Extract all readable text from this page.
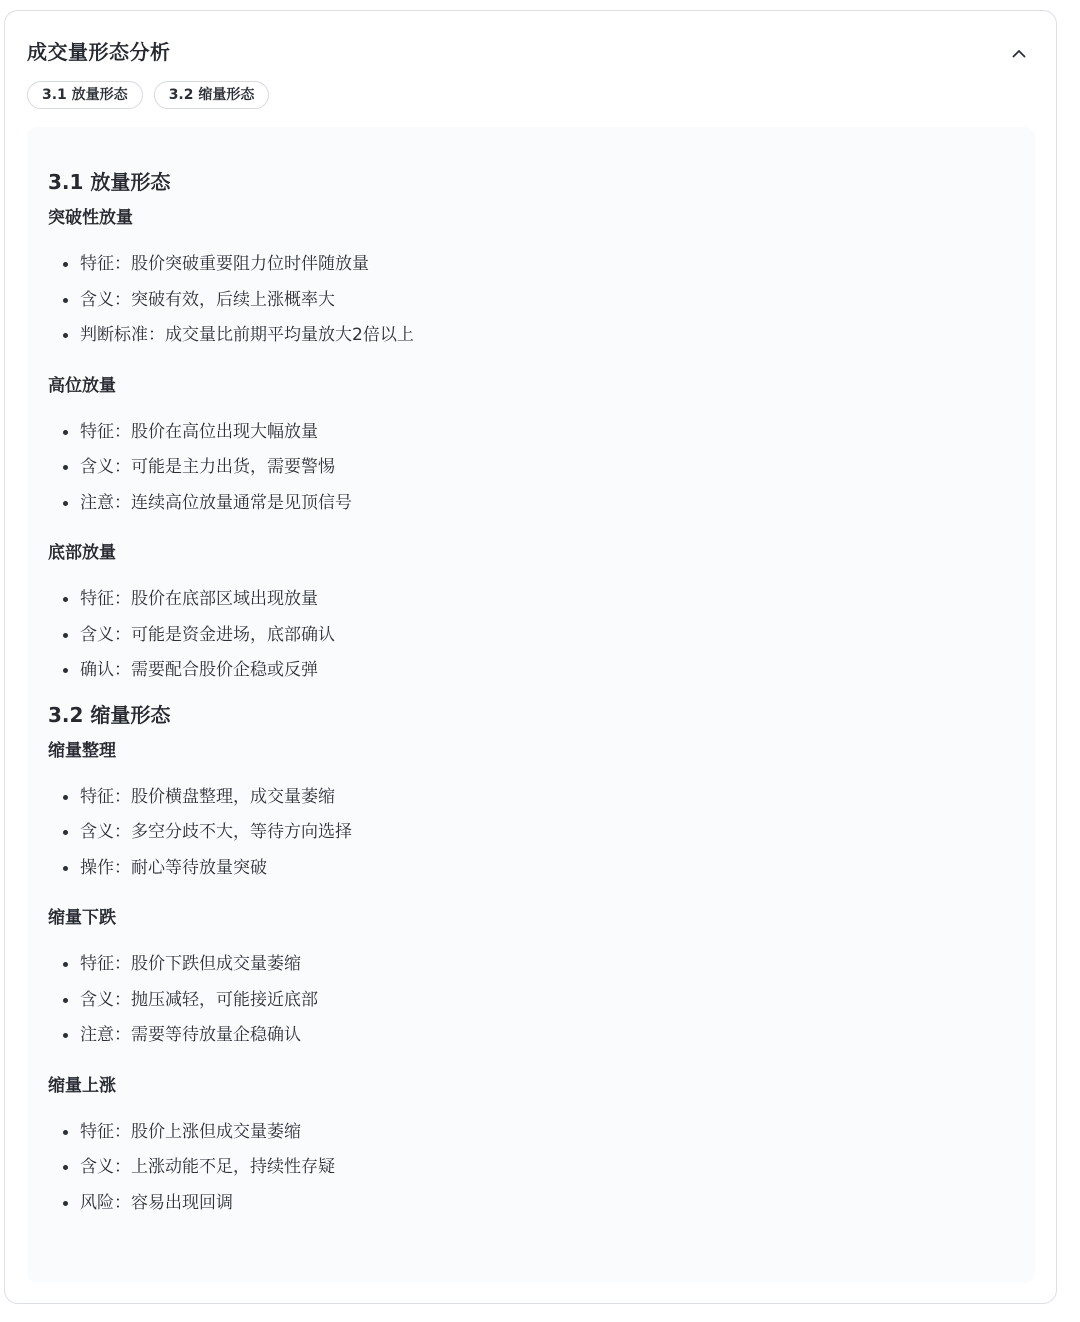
成交量形态分析
3.1 放量形态	3.2 缩量形态
3.1 放量形态
突破性放量
特征：股价突破重要阻力位时伴随放量
含义：突破有效，后续上涨概率大
判断标准：成交量比前期平均量放大2倍以上
高位放量
特征：股价在高位出现大幅放量
含义：可能是主力出货，需要警惕
注意：连续高位放量通常是见顶信号
底部放量
特征：股价在底部区域出现放量
含义：可能是资金进场，底部确认
确认：需要配合股价企稳或反弹
3.2 缩量形态
缩量整理
特征：股价横盘整理，成交量萎缩
含义：多空分歧不大，等待方向选择
操作：耐心等待放量突破
缩量下跌
特征：股价下跌但成交量萎缩
含义：抛压减轻，可能接近底部
注意：需要等待放量企稳确认
缩量上涨
特征：股价上涨但成交量萎缩
含义：上涨动能不足，持续性存疑
风险：容易出现回调
